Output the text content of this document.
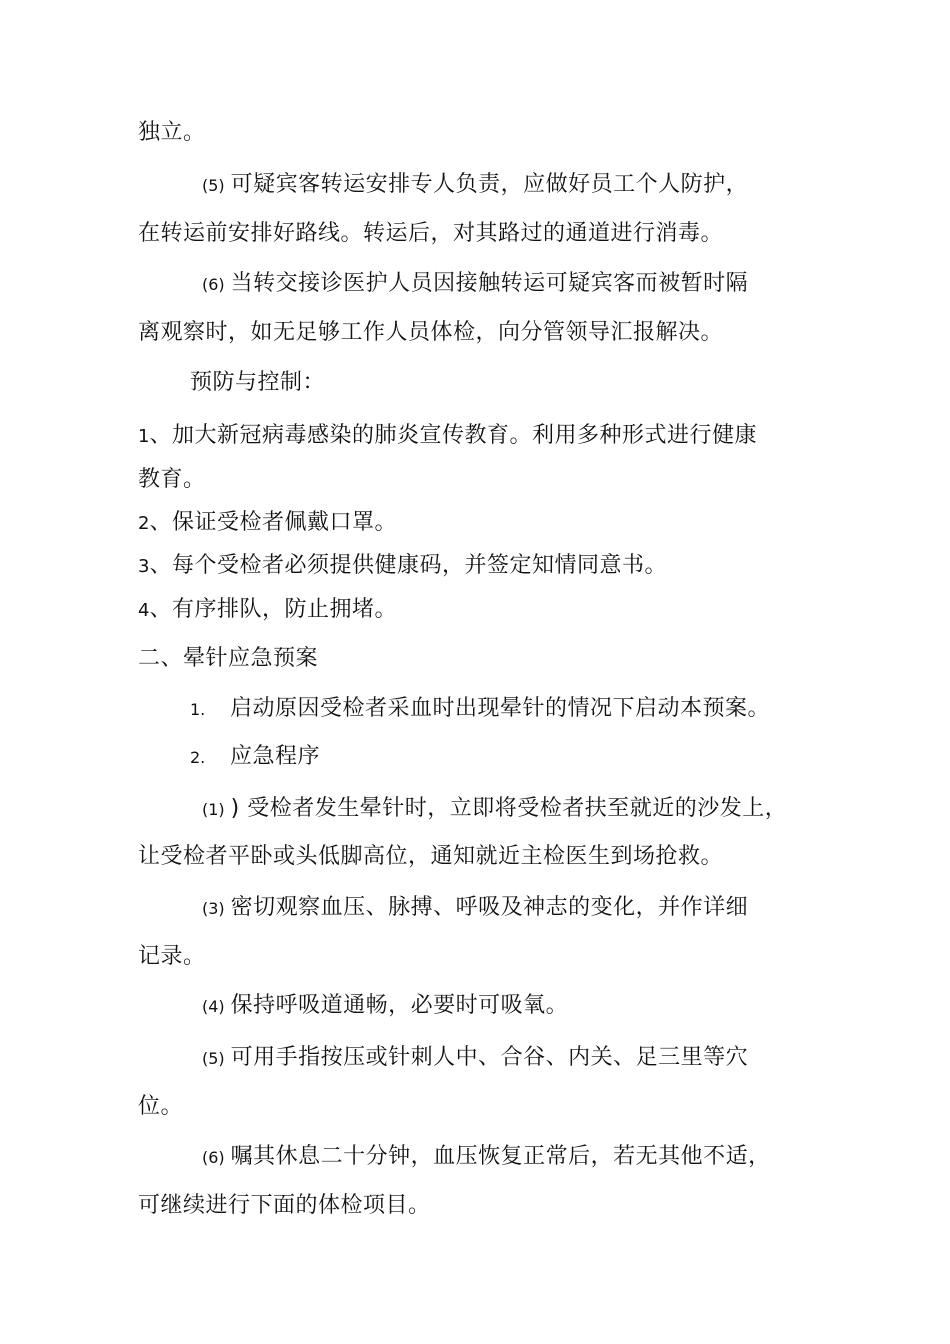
独立。
(5) 可疑宾客转运安排专人负责，应做好员工个人防护，
在转运前安排好路线。转运后，对其路过的通道进行消毒。
(6) 当转交接诊医护人员因接触转运可疑宾客而被暂时隔
离观察时，如无足够工作人员体检，向分管领导汇报解决。
预防与控制：
1、加大新冠病毒感染的肺炎宣传教育。利用多种形式进行健康
教育。
2、保证受检者佩戴口罩。
3、每个受检者必须提供健康码，并签定知情同意书。
4、有序排队，防止拥堵。
二、晕针应急预案
1. 启动原因受检者采血时出现晕针的情况下启动本预案。
2. 应急程序
(1) ) 受检者发生晕针时，立即将受检者扶至就近的沙发上，
让受检者平卧或头低脚高位，通知就近主检医生到场抢救。
(3) 密切观察血压、脉搏、呼吸及神志的变化，并作详细
记录。
(4) 保持呼吸道通畅，必要时可吸氧。
(5) 可用手指按压或针刺人中、合谷、内关、足三里等穴
位。
(6) 嘱其休息二十分钟，血压恢复正常后，若无其他不适，
可继续进行下面的体检项目。
